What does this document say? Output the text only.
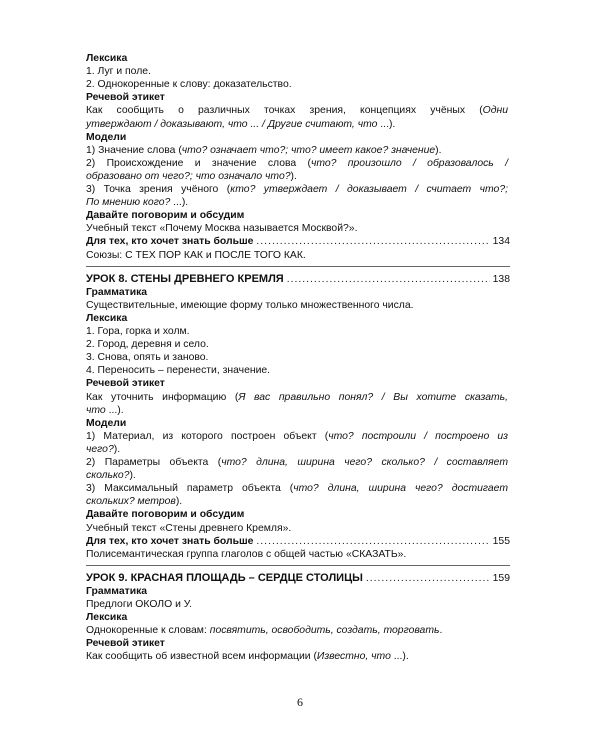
Лексика
1. Луг и поле.
2. Однокоренные к слову: доказательство.
Речевой этикет
Как сообщить о различных точках зрения, концепциях учёных (Одни
утверждают / доказывают, что ... / Другие считают, что ...).
Модели
1) Значение слова (что? означает что?; что? имеет какое? значение).
2) Происхождение и значение слова (что? произошло / образовалось /
образовано от чего?; что означало что?).
3) Точка зрения учёного (кто? утверждает / доказывает / считает что?;
По мнению кого? ...).
Давайте поговорим и обсудим
Учебный текст «Почему Москва называется Москвой?».
Для тех, кто хочет знать больше .....	134
Союзы: С ТЕХ ПОР КАК и ПОСЛЕ ТОГО КАК.
УРОК 8. СТЕНЫ ДРЕВНЕГО КРЕМЛЯ .....	138
Грамматика
Существительные, имеющие форму только множественного числа.
Лексика
1. Гора, горка и холм.
2. Город, деревня и село.
3. Снова, опять и заново.
4. Переносить – перенести, значение.
Речевой этикет
Как уточнить информацию (Я вас правильно понял? / Вы хотите сказать,
что ...).
Модели
1) Материал, из которого построен объект (что? построили / построено из
чего?).
2) Параметры объекта (что? длина, ширина чего? сколько? / составляет
сколько?).
3) Максимальный параметр объекта (что? длина, ширина чего? достигает
скольких? метров).
Давайте поговорим и обсудим
Учебный текст «Стены древнего Кремля».
Для тех, кто хочет знать больше .....	155
Полисемантическая группа глаголов с общей частью «СКАЗАТЬ».
УРОК 9. КРАСНАЯ ПЛОЩАДЬ – СЕРДЦЕ СТОЛИЦЫ .....	159
Грамматика
Предлоги ОКОЛО и У.
Лексика
Однокоренные к словам: посвятить, освободить, создать, торговать.
Речевой этикет
Как сообщить об известной всем информации (Известно, что ...).
6
